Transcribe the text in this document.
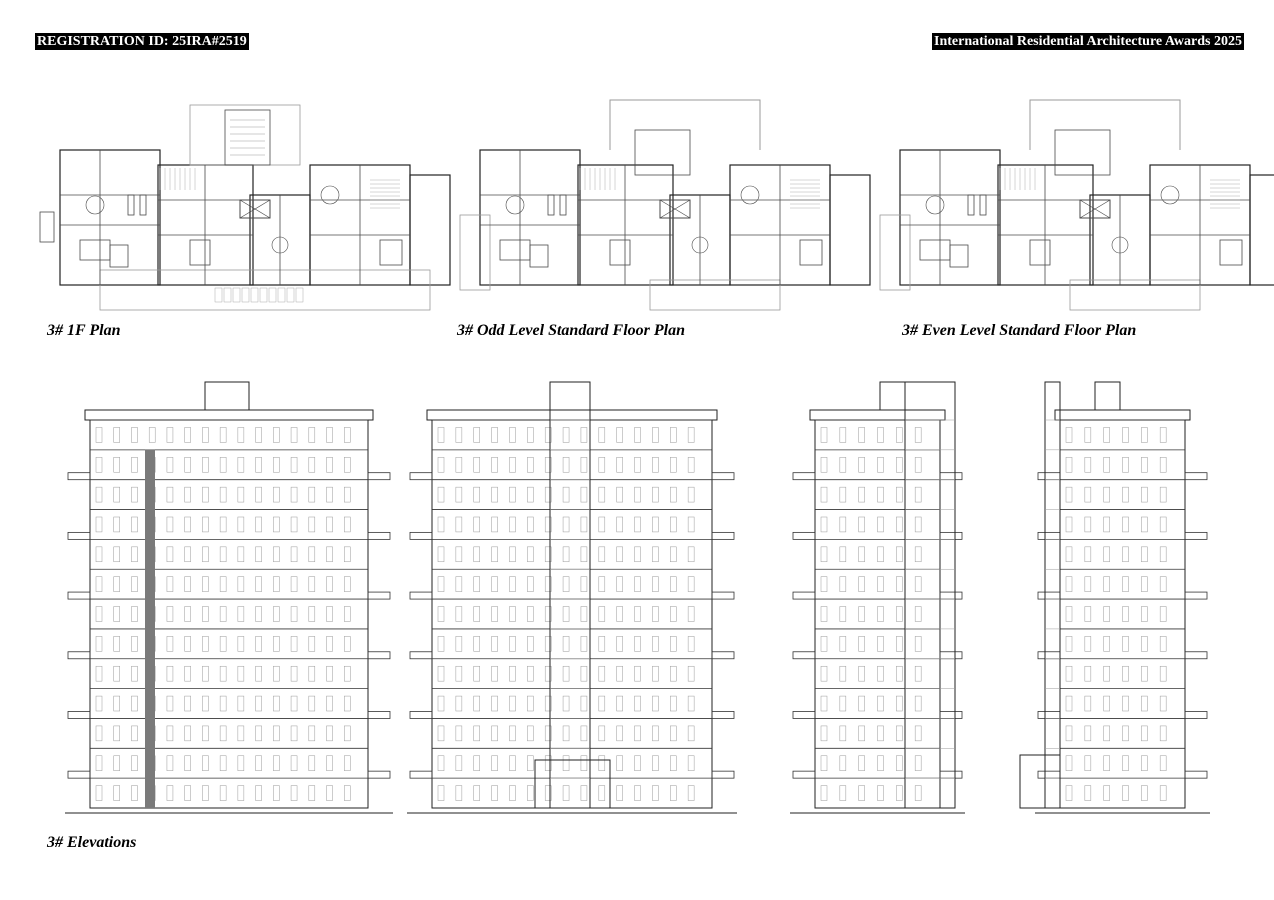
REGISTRATION ID: 25IRA#2519	International Residential Architecture Awards 2025
3# 1F Plan	3# Odd Level Standard Floor Plan	3# Even Level Standard Floor Plan
3# Elevations
